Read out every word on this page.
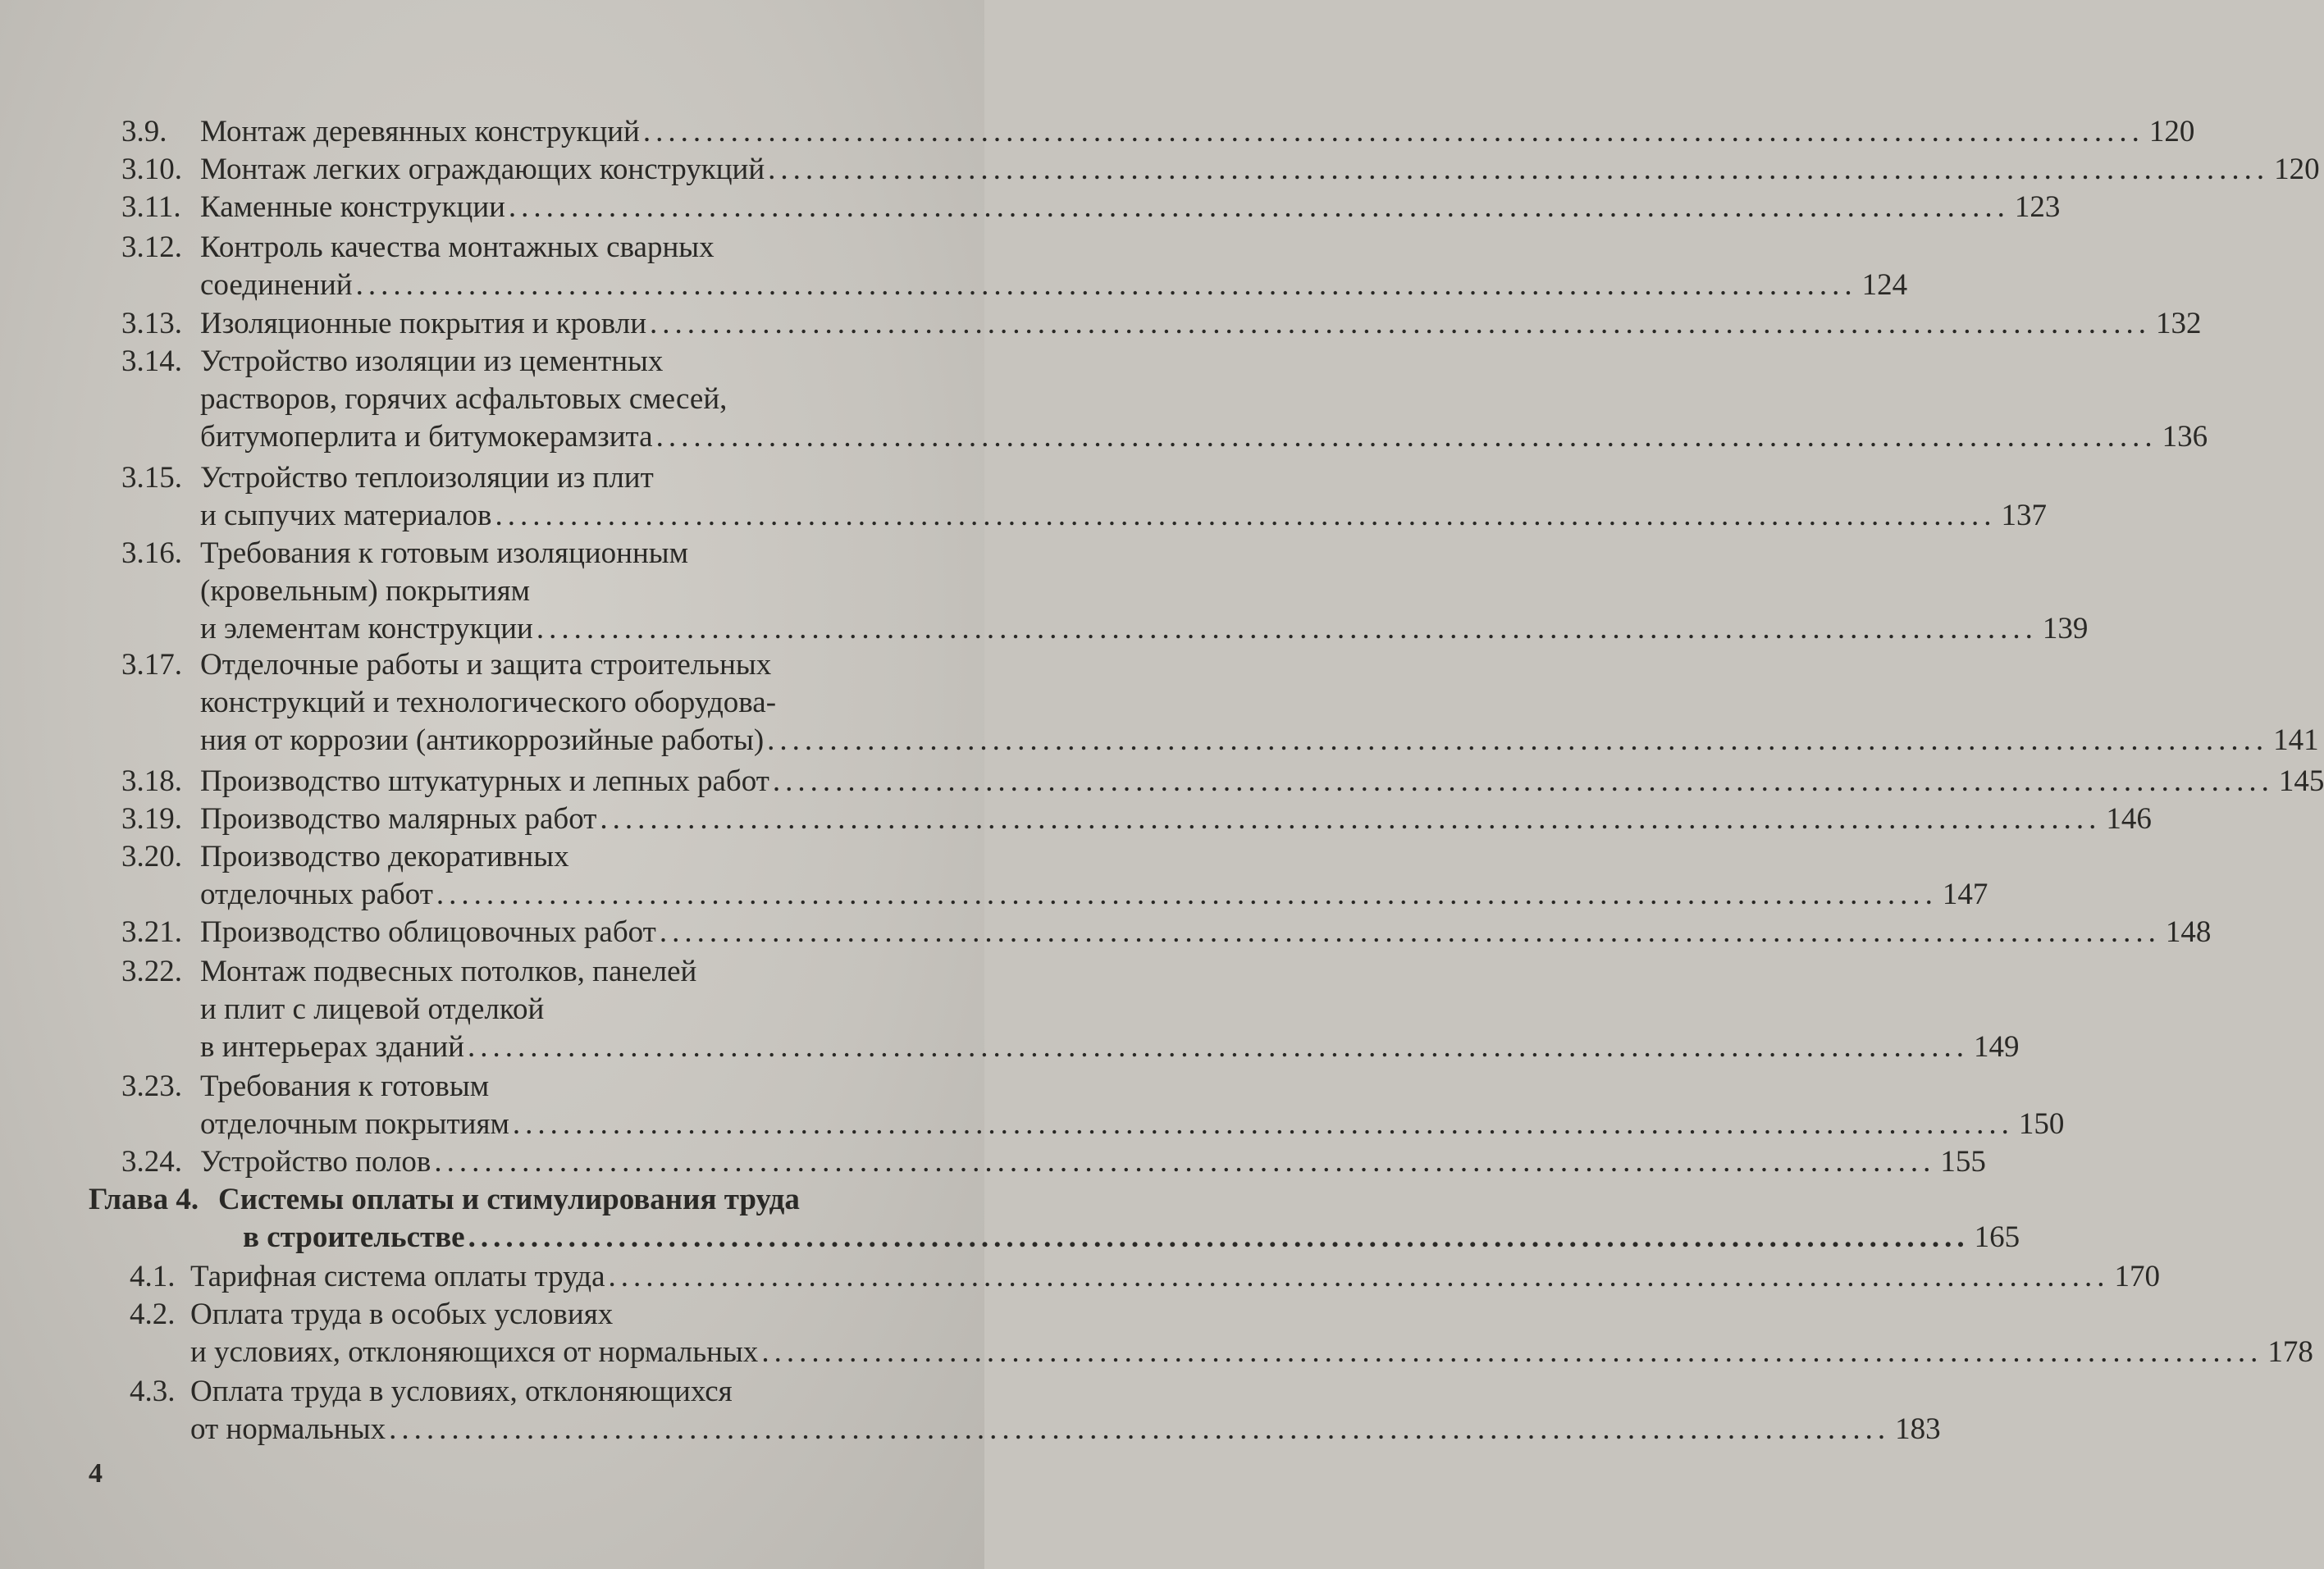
3.9. Монтаж деревянных конструкций ........................................................................................................................ 120
3.10. Монтаж легких ограждающих конструкций ........................................................................................................................ 120
3.11. Каменные конструкции ........................................................................................................................ 123
3.12. Контроль качества монтажных сварных
соединений ........................................................................................................................ 124
3.13. Изоляционные покрытия и кровли ........................................................................................................................ 132
3.14. Устройство изоляции из цементных
растворов, горячих асфальтовых смесей,
битумоперлита и битумокерамзита ........................................................................................................................ 136
3.15. Устройство теплоизоляции из плит
и сыпучих материалов ........................................................................................................................ 137
3.16. Требования к готовым изоляционным
(кровельным) покрытиям
и элементам конструкции ........................................................................................................................ 139
3.17. Отделочные работы и защита строительных
конструкций и технологического оборудова-
ния от коррозии (антикоррозийные работы) ........................................................................................................................ 141
3.18. Производство штукатурных и лепных работ ........................................................................................................................ 145
3.19. Производство малярных работ ........................................................................................................................ 146
3.20. Производство декоративных
отделочных работ ........................................................................................................................ 147
3.21. Производство облицовочных работ ........................................................................................................................ 148
3.22. Монтаж подвесных потолков, панелей
и плит с лицевой отделкой
в интерьерах зданий ........................................................................................................................ 149
3.23. Требования к готовым
отделочным покрытиям ........................................................................................................................ 150
3.24. Устройство полов ........................................................................................................................ 155
Глава 4. Системы оплаты и стимулирования труда
в строительстве ........................................................................................................................ 165
4.1. Тарифная система оплаты труда ........................................................................................................................ 170
4.2. Оплата труда в особых условиях
и условиях, отклоняющихся от нормальных ........................................................................................................................ 178
4.3. Оплата труда в условиях, отклоняющихся
от нормальных ........................................................................................................................ 183
4
